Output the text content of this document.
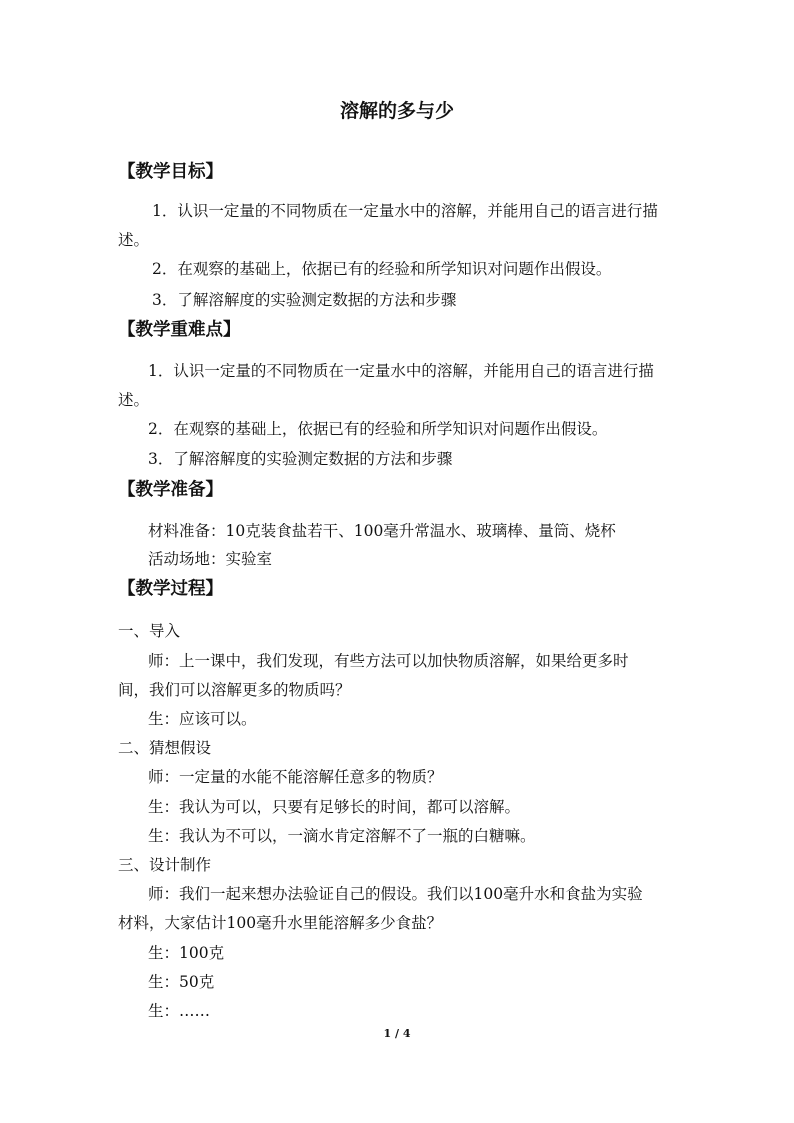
溶解的多与少
【教学目标】
1．认识一定量的不同物质在一定量水中的溶解，并能用自己的语言进行描
述。
2．在观察的基础上，依据已有的经验和所学知识对问题作出假设。
3．了解溶解度的实验测定数据的方法和步骤
【教学重难点】
1．认识一定量的不同物质在一定量水中的溶解，并能用自己的语言进行描
述。
2．在观察的基础上，依据已有的经验和所学知识对问题作出假设。
3．了解溶解度的实验测定数据的方法和步骤
【教学准备】
材料准备：10克装食盐若干、100毫升常温水、玻璃棒、量筒、烧杯
活动场地：实验室
【教学过程】
一、导入
师：上一课中，我们发现，有些方法可以加快物质溶解，如果给更多时
间，我们可以溶解更多的物质吗？
生：应该可以。
二、猜想假设
师：一定量的水能不能溶解任意多的物质？
生：我认为可以，只要有足够长的时间，都可以溶解。
生：我认为不可以，一滴水肯定溶解不了一瓶的白糖嘛。
三、设计制作
师：我们一起来想办法验证自己的假设。我们以100毫升水和食盐为实验
材料，大家估计100毫升水里能溶解多少食盐？
生：100克
生：50克
生：……
1 / 4
